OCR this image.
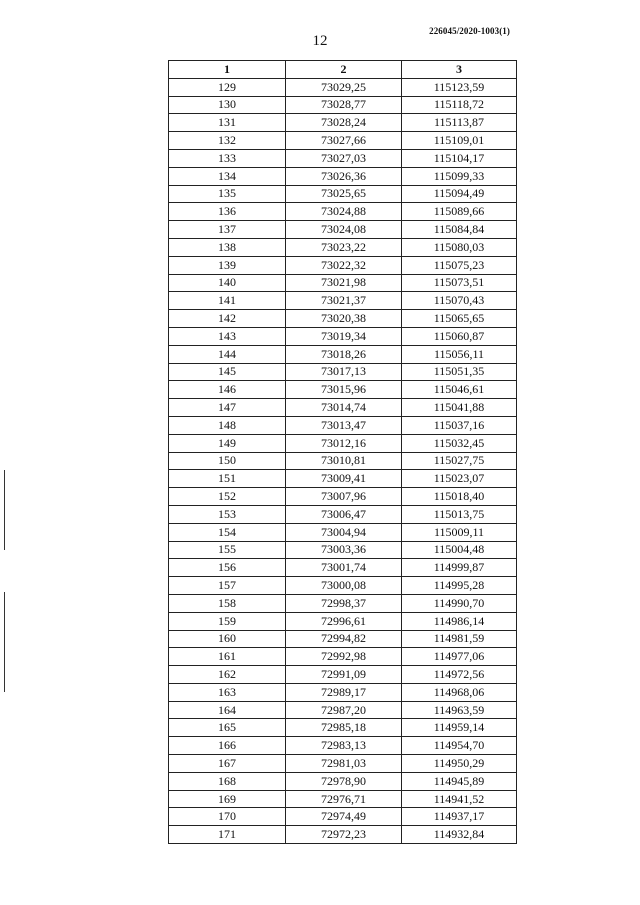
226045/2020-1003(1)
12
1	2	3
129	73029,25	115123,59
130	73028,77	115118,72
131	73028,24	115113,87
132	73027,66	115109,01
133	73027,03	115104,17
134	73026,36	115099,33
135	73025,65	115094,49
136	73024,88	115089,66
137	73024,08	115084,84
138	73023,22	115080,03
139	73022,32	115075,23
140	73021,98	115073,51
141	73021,37	115070,43
142	73020,38	115065,65
143	73019,34	115060,87
144	73018,26	115056,11
145	73017,13	115051,35
146	73015,96	115046,61
147	73014,74	115041,88
148	73013,47	115037,16
149	73012,16	115032,45
150	73010,81	115027,75
151	73009,41	115023,07
152	73007,96	115018,40
153	73006,47	115013,75
154	73004,94	115009,11
155	73003,36	115004,48
156	73001,74	114999,87
157	73000,08	114995,28
158	72998,37	114990,70
159	72996,61	114986,14
160	72994,82	114981,59
161	72992,98	114977,06
162	72991,09	114972,56
163	72989,17	114968,06
164	72987,20	114963,59
165	72985,18	114959,14
166	72983,13	114954,70
167	72981,03	114950,29
168	72978,90	114945,89
169	72976,71	114941,52
170	72974,49	114937,17
171	72972,23	114932,84
